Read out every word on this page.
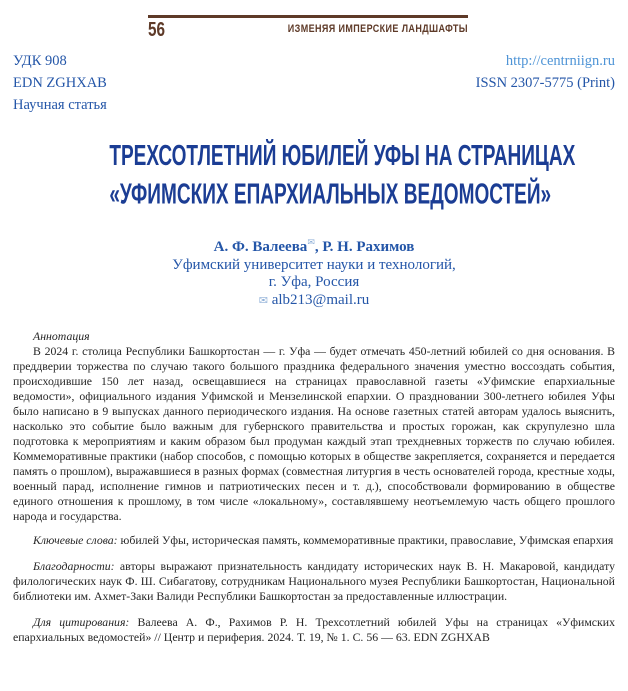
56	ИЗМЕНЯЯ ИМПЕРСКИЕ ЛАНДШАФТЫ
УДК 908
EDN ZGHXAB
Научная статья
http://centrniign.ru
ISSN 2307-5775 (Print)
ТРЕХСОТЛЕТНИЙ ЮБИЛЕЙ УФЫ НА СТРАНИЦАХ
«УФИМСКИХ ЕПАРХИАЛЬНЫХ ВЕДОМОСТЕЙ»
А. Ф. Валеева✉, Р. Н. Рахимов
Уфимский университет науки и технологий,
г. Уфа, Россия
✉ alb213@mail.ru
Аннотация

В 2024 г. столица Республики Башкортостан — г. Уфа — будет отмечать 450-летний юбилей со дня основания. В преддверии торжества по случаю такого большого праздника федерального значения уместно воссоздать события, происходившие 150 лет назад, освещавшиеся на страницах православной газеты «Уфимские епархиальные ведомости», официального издания Уфимской и Мензелинской епархии. О праздновании 300-летнего юбилея Уфы было написано в 9 выпусках данного периодического издания. На основе газетных статей авторам удалось выяснить, насколько это событие было важным для губернского правительства и простых горожан, как скрупулезно шла подготовка к мероприятиям и каким образом был продуман каждый этап трехдневных торжеств по случаю юбилея. Коммеморативные практики (набор способов, с помощью которых в обществе закрепляется, сохраняется и передается память о прошлом), выражавшиеся в разных формах (совместная литургия в честь основателей города, крестные ходы, военный парад, исполнение гимнов и патриотических песен и т. д.), способствовали формированию в обществе единого отношения к прошлому, в том числе «локальному», составлявшему неотъемлемую часть общего прошлого народа и государства.

Ключевые слова: юбилей Уфы, историческая память, коммеморативные практики, православие, Уфимская епархия

Благодарности: авторы выражают признательность кандидату исторических наук В. Н. Макаровой, кандидату филологических наук Ф. Ш. Сибагатову, сотрудникам Национального музея Республики Башкортостан, Национальной библиотеки им. Ахмет-Заки Валиди Республики Башкортостан за предоставленные иллюстрации.

Для цитирования: Валеева А. Ф., Рахимов Р. Н. Трехсотлетний юбилей Уфы на страницах «Уфимских епархиальных ведомостей» // Центр и периферия. 2024. Т. 19, № 1. С. 56 — 63. EDN ZGHXAB
